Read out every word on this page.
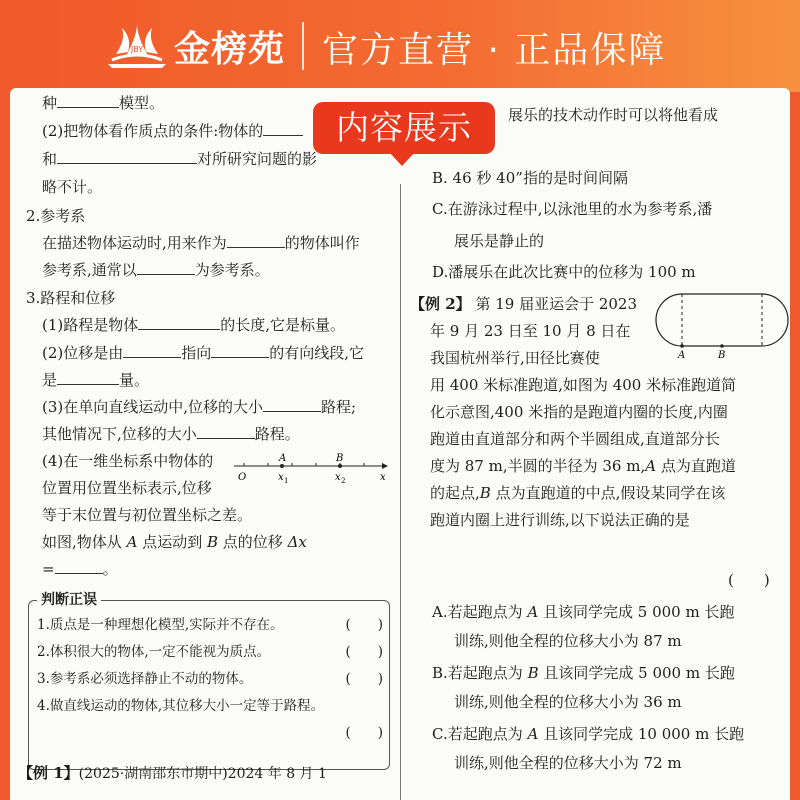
JBY 金榜苑 官方直营 · 正品保障
种	模型。
(2)把物体看作质点的条件:物体的
和	对所研究问题的影
略不计。
2.参考系
在描述物体运动时,用来作为	的物体叫作
参考系,通常以	为参考系。
3.路程和位移
(1)路程是物体	的长度,它是标量。
(2)位移是由	指向	的有向线段,它
是	量。
(3)在单向直线运动中,位移的大小	路程;
其他情况下,位移的大小	路程。
(4)在一维坐标系中物体的
位置用位置坐标表示,位移
等于末位置与初位置坐标之差。
如图,物体从 A 点运动到 B 点的位移 Δx
=	。
A	B
O	x 1	x 2	x
判断正误
1.质点是一种理想化模型,实际并不存在。	(　　)
2.体积很大的物体,一定不能视为质点。	(　　)
3.参考系必须选择静止不动的物体。	(　　)
4.做直线运动的物体,其位移大小一定等于路程。
(　　)
【例 1】(2025·湖南邵东市期中)2024 年 8 月 1
展乐的技术动作时可以将他看成
B. 46 秒 40”指的是时间间隔
C.在游泳过程中,以泳池里的水为参考系,潘
展乐是静止的
D.潘展乐在此次比赛中的位移为 100 m
【例 2】 第 19 届亚运会于 2023
年 9 月 23 日至 10 月 8 日在
我国杭州举行,田径比赛使
用 400 米标准跑道,如图为 400 米标准跑道简
化示意图,400 米指的是跑道内圈的长度,内圈
跑道由直道部分和两个半圆组成,直道部分长
度为 87 m,半圆的半径为 36 m,A 点为直跑道
的起点,B 点为直跑道的中点,假设某同学在该
跑道内圈上进行训练,以下说法正确的是
(　　)
A.若起跑点为 A 且该同学完成 5 000 m 长跑
训练,则他全程的位移大小为 87 m
B.若起跑点为 B 且该同学完成 5 000 m 长跑
训练,则他全程的位移大小为 36 m
C.若起跑点为 A 且该同学完成 10 000 m 长跑
训练,则他全程的位移大小为 72 m
A	B
内容展示
